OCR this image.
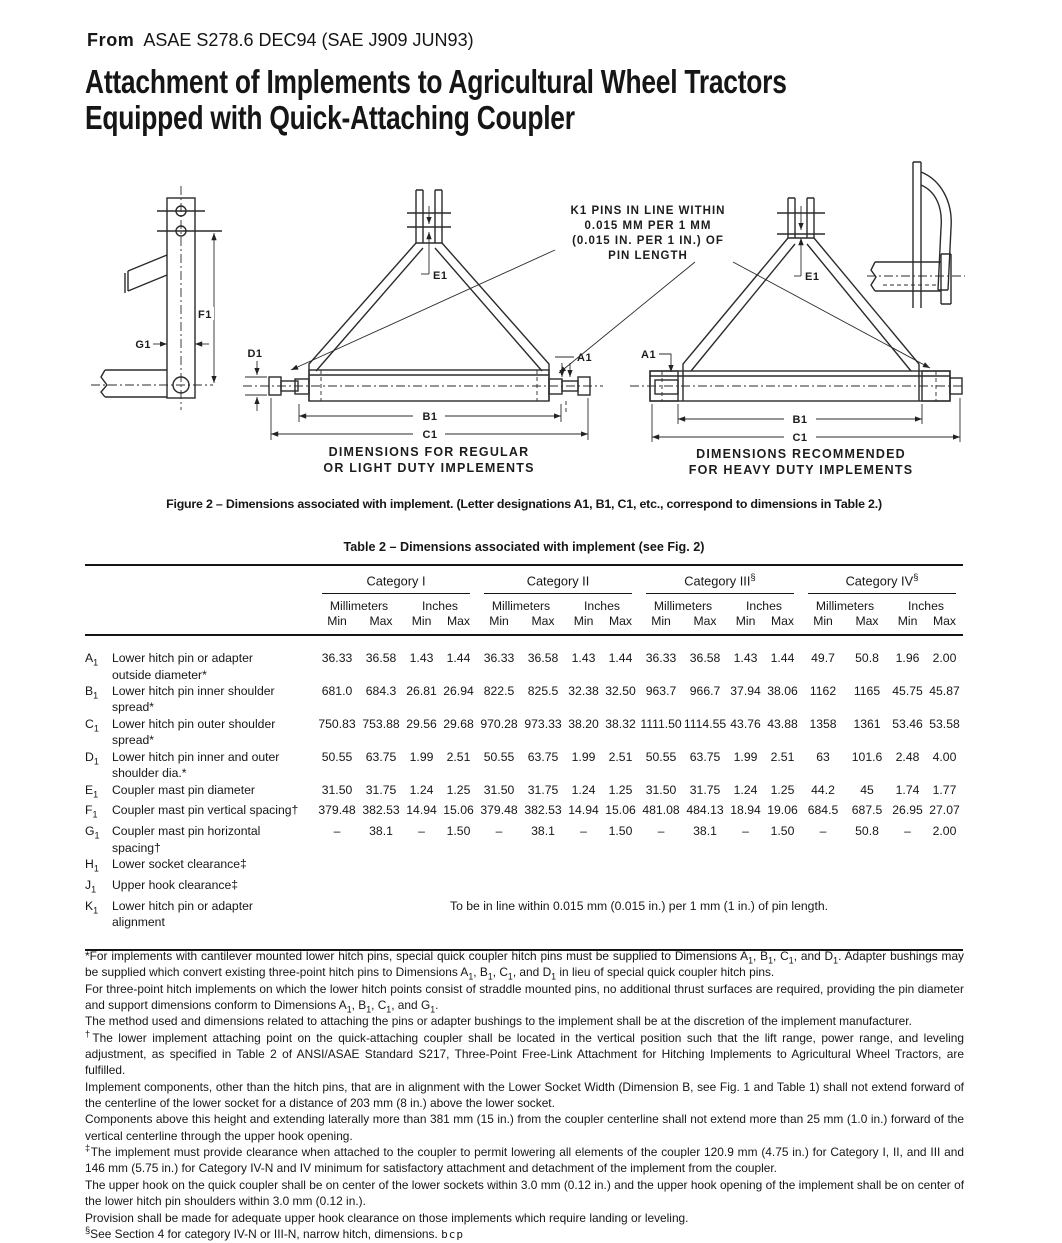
From ASAE S278.6 DEC94 (SAE J909 JUN93)
Attachment of Implements to Agricultural Wheel Tractors
Equipped with Quick-Attaching Coupler
F1
G1
D1
E1
A1
B1
C1
A1
E1
B1
C1
K1 PINS IN LINE WITHIN
0.015 MM PER 1 MM
(0.015 IN. PER 1 IN.) OF
PIN LENGTH
DIMENSIONS FOR REGULAR
OR LIGHT DUTY IMPLEMENTS
DIMENSIONS RECOMMENDED
FOR HEAVY DUTY IMPLEMENTS
Figure 2 – Dimensions associated with implement. (Letter designations A1, B1, C1, etc., correspond to dimensions in Table 2.)
Table 2 – Dimensions associated with implement (see Fig. 2)
Category I	Category II	Category III§	Category IV§
Millimeters	Inches	Millimeters	Inches	Millimeters	Inches	Millimeters	Inches
Min	Max	Min	Max	Min	Max	Min	Max	Min	Max	Min	Max	Min	Max	Min	Max
$A_1$	Lower hitch pin or adapter
outside diameter*
36.33	36.58	1.43	1.44	36.33	36.58	1.43	1.44	36.33	36.58	1.43	1.44	49.7	50.8	1.96	2.00
$B_1$	Lower hitch pin inner shoulder
spread*
681.0	684.3 26.81 26.94 822.5	825.5 32.38 32.50 963.7	966.7 37.94 38.06 1162	1165 45.75 45.87
$C_1$	Lower hitch pin outer shoulder
spread*
750.83 753.88 29.56 29.68 970.28 973.33 38.20 38.32 1111.50 1114.55 43.76 43.88 1358	1361 53.46 53.58
$D_1$	Lower hitch pin inner and outer
shoulder dia.*
50.55	63.75	1.99	2.51	50.55	63.75	1.99	2.51	50.55	63.75	1.99	2.51	63	101.6	2.48	4.00
$E_1$	Coupler mast pin diameter	31.50	31.75	1.24	1.25	31.50	31.75	1.24	1.25	31.50	31.75	1.24	1.25	44.2	45	1.74	1.77
$F_1$	Coupler mast pin vertical spacing†	379.48 382.53 14.94 15.06 379.48 382.53 14.94 15.06 481.08 484.13 18.94 19.06 684.5	687.5 26.95 27.07
$G_1$	Coupler mast pin horizontal
spacing†
–	38.1	–	1.50	–	38.1	–	1.50	–	38.1	–	1.50	–	50.8	–	2.00
$H_1$	Lower socket clearance‡
$J_1$	Upper hook clearance‡
$K_1$	Lower hitch pin or adapter
alignment
To be in line within 0.015 mm (0.015 in.) per 1 mm (1 in.) of pin length.

*For implements with cantilever mounted lower hitch pins, special quick coupler hitch pins must be supplied to Dimensions $A_1$, $B_1$, $C_1$, and $D_1$. Adapter bushings may be supplied which convert existing three-point hitch pins to Dimensions $A_1$, $B_1$, $C_1$, and $D_1$ in lieu of special quick coupler hitch pins.

For three-point hitch implements on which the lower hitch points consist of straddle mounted pins, no additional thrust surfaces are required, providing the pin diameter and support dimensions conform to Dimensions $A_1$, $B_1$, $C_1$, and $G_1$.

The method used and dimensions related to attaching the pins or adapter bushings to the implement shall be at the discretion of the implement manufacturer.

†The lower implement attaching point on the quick-attaching coupler shall be located in the vertical position such that the lift range, power range, and leveling adjustment, as specified in Table 2 of ANSI/ASAE Standard S217, Three-Point Free-Link Attachment for Hitching Implements to Agricultural Wheel Tractors, are fulfilled.

Implement components, other than the hitch pins, that are in alignment with the Lower Socket Width (Dimension B, see Fig. 1 and Table 1) shall not extend forward of the centerline of the lower socket for a distance of 203 mm (8 in.) above the lower socket.

Components above this height and extending laterally more than 381 mm (15 in.) from the coupler centerline shall not extend more than 25 mm (1.0 in.) forward of the vertical centerline through the upper hook opening.

‡The implement must provide clearance when attached to the coupler to permit lowering all elements of the coupler 120.9 mm (4.75 in.) for Category I, II, and III and 146 mm (5.75 in.) for Category IV-N and IV minimum for satisfactory attachment and detachment of the implement from the coupler.

The upper hook on the quick coupler shall be on center of the lower sockets within 3.0 mm (0.12 in.) and the upper hook opening of the implement shall be on center of the lower hitch pin shoulders within 3.0 mm (0.12 in.).

Provision shall be made for adequate upper hook clearance on those implements which require landing or leveling.

§See Section 4 for category IV-N or III-N, narrow hitch, dimensions. bcp
